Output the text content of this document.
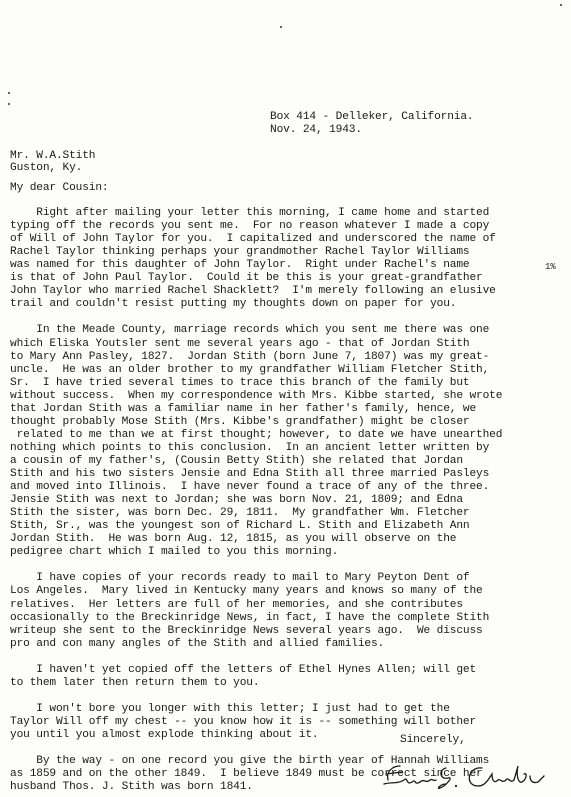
Box 414 - Delleker, California.
Nov. 24, 1943.
Mr. W.A.Stith
Guston, Ky.
My dear Cousin:
Right after mailing your letter this morning, I came home and started
typing off the records you sent me.  For no reason whatever I made a copy
of Will of John Taylor for you.  I capitalized and underscored the name of
Rachel Taylor thinking perhaps your grandmother Rachel Taylor Williams
was named for this daughter of John Taylor.  Right under Rachel's name
is that of John Paul Taylor.  Could it be this is your great-grandfather
John Taylor who married Rachel Shacklett?  I'm merely following an elusive
trail and couldn't resist putting my thoughts down on paper for you.
In the Meade County, marriage records which you sent me there was one
which Eliska Youtsler sent me several years ago - that of Jordan Stith
to Mary Ann Pasley, 1827.  Jordan Stith (born June 7, 1807) was my great-
uncle.  He was an older brother to my grandfather William Fletcher Stith,
Sr.  I have tried several times to trace this branch of the family but
without success.  When my correspondence with Mrs. Kibbe started, she wrote
that Jordan Stith was a familiar name in her father's family, hence, we
thought probably Mose Stith (Mrs. Kibbe's grandfather) might be closer
related to me than we at first thought; however, to date we have unearthed
nothing which points to this conclusion.  In an ancient letter written by
a cousin of my father's, (Cousin Betty Stith) she related that Jordan
Stith and his two sisters Jensie and Edna Stith all three married Pasleys
and moved into Illinois.  I have never found a trace of any of the three.
Jensie Stith was next to Jordan; she was born Nov. 21, 1809; and Edna
Stith the sister, was born Dec. 29, 1811.  My grandfather Wm. Fletcher
Stith, Sr., was the youngest son of Richard L. Stith and Elizabeth Ann
Jordan Stith.  He was born Aug. 12, 1815, as you will observe on the
pedigree chart which I mailed to you this morning.
I have copies of your records ready to mail to Mary Peyton Dent of
Los Angeles.  Mary lived in Kentucky many years and knows so many of the
relatives.  Her letters are full of her memories, and she contributes
occasionally to the Breckinridge News, in fact, I have the complete Stith
writeup she sent to the Breckinridge News several years ago.  We discuss
pro and con many angles of the Stith and allied families.
I haven't yet copied off the letters of Ethel Hynes Allen; will get
to them later then return them to you.
I won't bore you longer with this letter; I just had to get the
Taylor Will off my chest -- you know how it is -- something will bother
you until you almost explode thinking about it.
By the way - on one record you give the birth year of Hannah Williams
as 1859 and on the other 1849.  I believe 1849 must be correct since her
husband Thos. J. Stith was born 1841.
1%
Sincerely,
